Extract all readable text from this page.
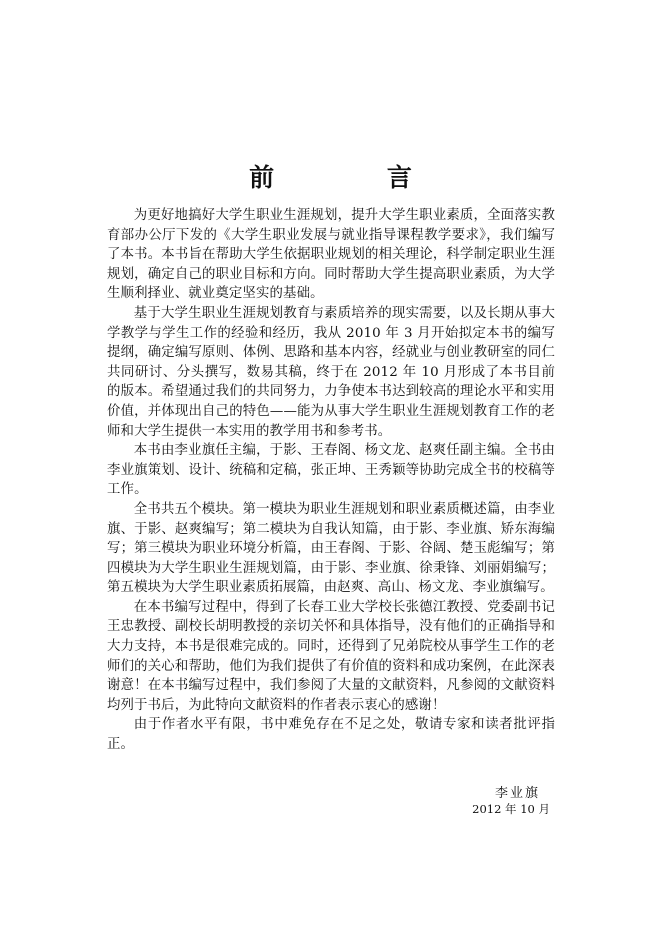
前 言

为更好地搞好大学生职业生涯规划，提升大学生职业素质，全面落实教育部办公厅下发的《大学生职业发展与就业指导课程教学要求》，我们编写了本书。本书旨在帮助大学生依据职业规划的相关理论，科学制定职业生涯规划，确定自己的职业目标和方向。同时帮助大学生提高职业素质，为大学生顺利择业、就业奠定坚实的基础。

基于大学生职业生涯规划教育与素质培养的现实需要，以及长期从事大学教学与学生工作的经验和经历，我从 2010 年 3 月开始拟定本书的编写提纲，确定编写原则、体例、思路和基本内容，经就业与创业教研室的同仁共同研讨、分头撰写，数易其稿，终于在 2012 年 10 月形成了本书目前的版本。希望通过我们的共同努力，力争使本书达到较高的理论水平和实用价值，并体现出自己的特色——能为从事大学生职业生涯规划教育工作的老师和大学生提供一本实用的教学用书和参考书。

本书由李业旗任主编，于影、王春阁、杨文龙、赵爽任副主编。全书由李业旗策划、设计、统稿和定稿，张正坤、王秀颖等协助完成全书的校稿等工作。

全书共五个模块。第一模块为职业生涯规划和职业素质概述篇，由李业旗、于影、赵爽编写；第二模块为自我认知篇，由于影、李业旗、矫东海编写；第三模块为职业环境分析篇，由王春阁、于影、谷阔、楚玉彪编写；第四模块为大学生职业生涯规划篇，由于影、李业旗、徐秉锋、刘丽娟编写；第五模块为大学生职业素质拓展篇，由赵爽、高山、杨文龙、李业旗编写。

在本书编写过程中，得到了长春工业大学校长张德江教授、党委副书记王忠教授、副校长胡明教授的亲切关怀和具体指导，没有他们的正确指导和大力支持，本书是很难完成的。同时，还得到了兄弟院校从事学生工作的老师们的关心和帮助，他们为我们提供了有价值的资料和成功案例，在此深表谢意！在本书编写过程中，我们参阅了大量的文献资料，凡参阅的文献资料均列于书后，为此特向文献资料的作者表示衷心的感谢！

由于作者水平有限，书中难免存在不足之处，敬请专家和读者批评指正。

李业旗
2012 年 10 月
